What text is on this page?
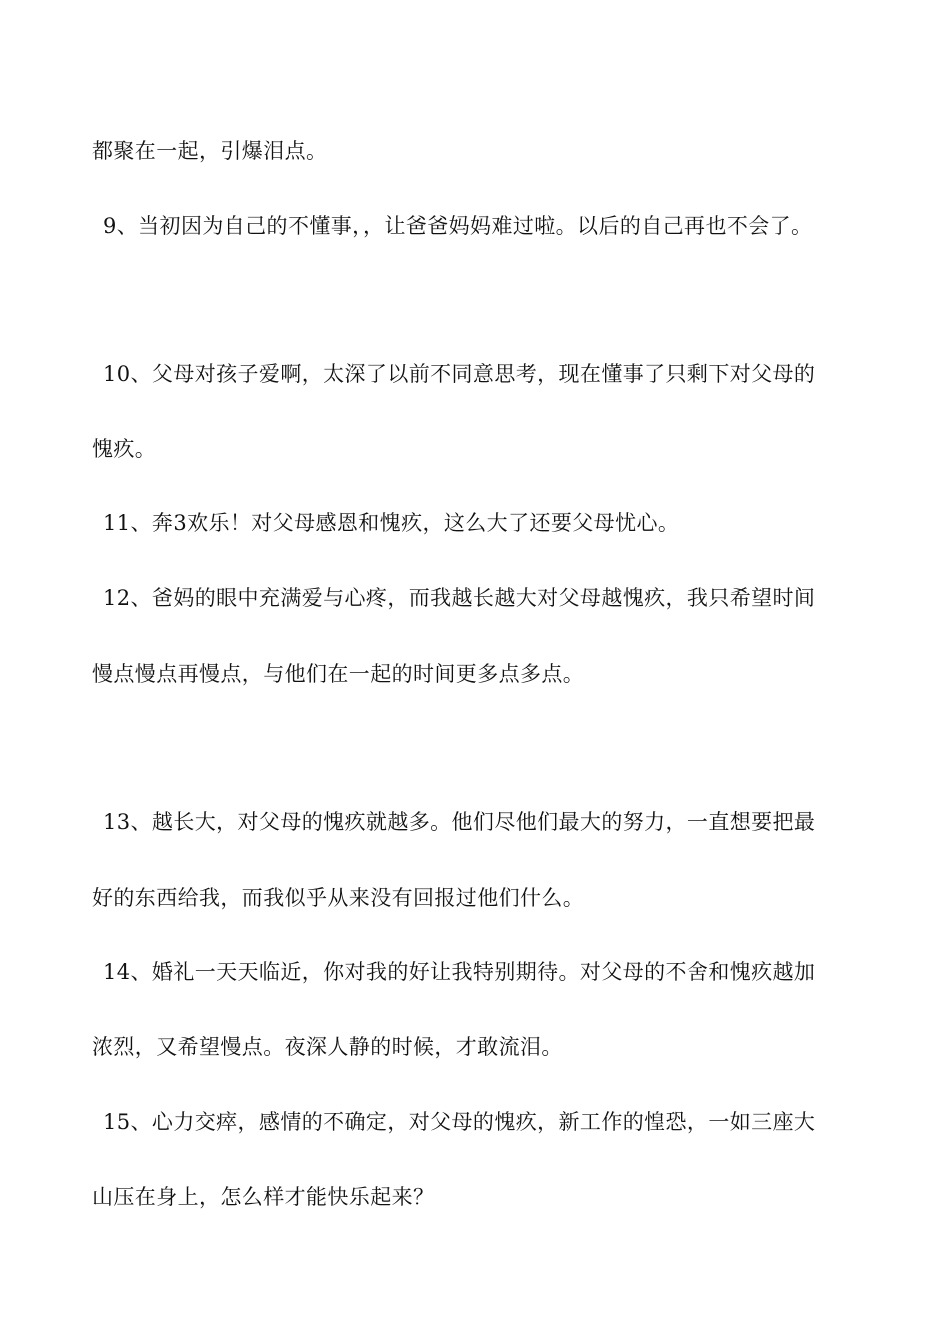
都聚在一起，引爆泪点。
9、当初因为自己的不懂事，，让爸爸妈妈难过啦。以后的自己再也不会了。
10、父母对孩子爱啊，太深了以前不同意思考，现在懂事了只剩下对父母的
愧疚。
11、奔3欢乐！对父母感恩和愧疚，这么大了还要父母忧心。
12、爸妈的眼中充满爱与心疼，而我越长越大对父母越愧疚，我只希望时间
慢点慢点再慢点，与他们在一起的时间更多点多点。
13、越长大，对父母的愧疚就越多。他们尽他们最大的努力，一直想要把最
好的东西给我，而我似乎从来没有回报过他们什么。
14、婚礼一天天临近，你对我的好让我特别期待。对父母的不舍和愧疚越加
浓烈，又希望慢点。夜深人静的时候，才敢流泪。
15、心力交瘁，感情的不确定，对父母的愧疚，新工作的惶恐，一如三座大
山压在身上，怎么样才能快乐起来？
